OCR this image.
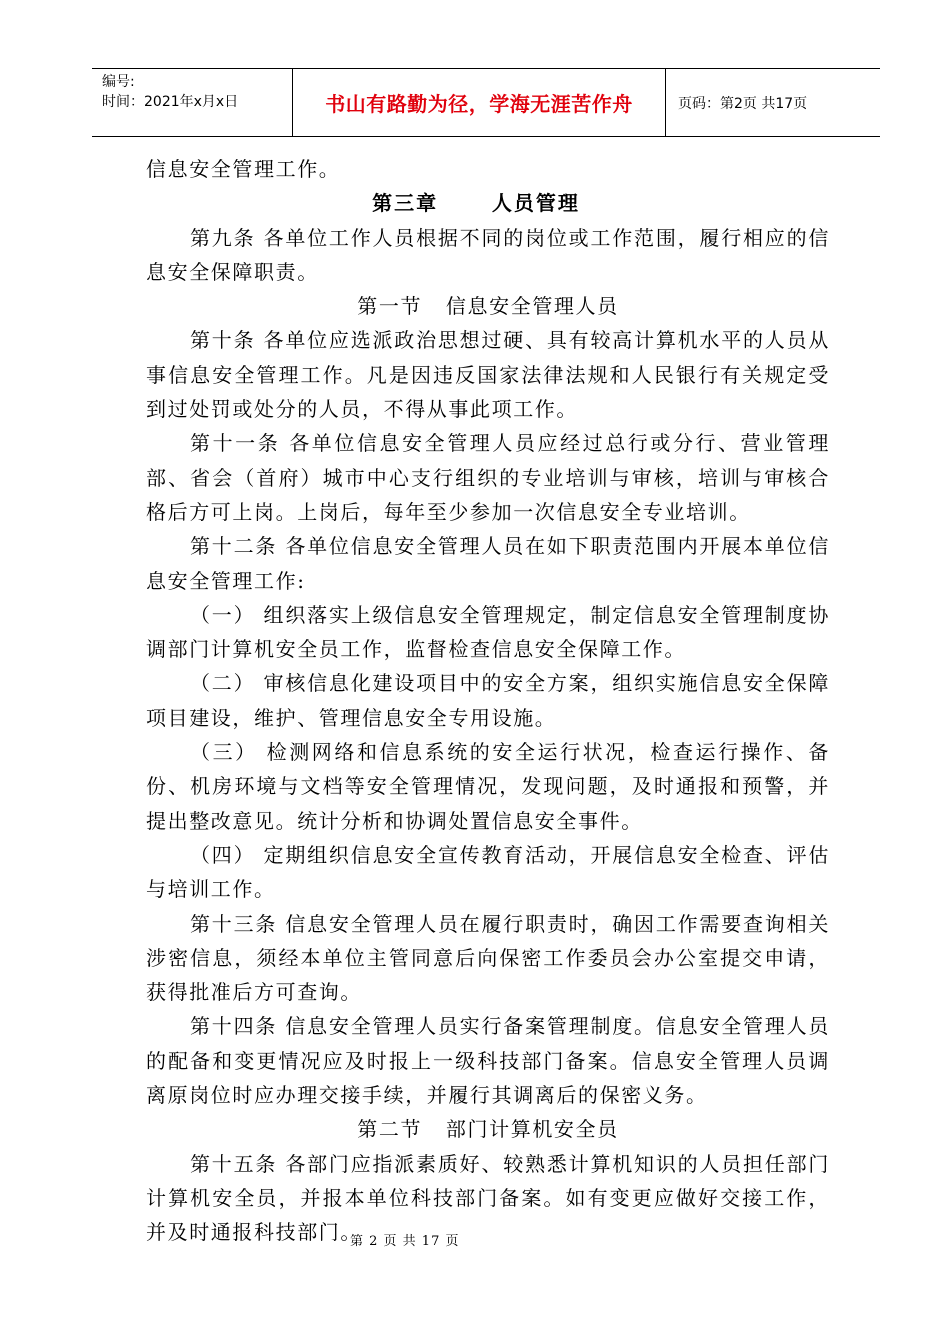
编号:
时间：2021年x月x日	书山有路勤为径，学海无涯苦作舟	页码：第2页 共17页

信息安全管理工作。

第三章      人员管理

第九条 各单位工作人员根据不同的岗位或工作范围，履行相应的信息安全保障职责。

第一节   信息安全管理人员

第十条 各单位应选派政治思想过硬、具有较高计算机水平的人员从事信息安全管理工作。凡是因违反国家法律法规和人民银行有关规定受到过处罚或处分的人员，不得从事此项工作。

第十一条 各单位信息安全管理人员应经过总行或分行、营业管理部、省会（首府）城市中心支行组织的专业培训与审核，培训与审核合格后方可上岗。上岗后，每年至少参加一次信息安全专业培训。

第十二条 各单位信息安全管理人员在如下职责范围内开展本单位信息安全管理工作:

（一） 组织落实上级信息安全管理规定，制定信息安全管理制度协调部门计算机安全员工作，监督检查信息安全保障工作。

（二） 审核信息化建设项目中的安全方案，组织实施信息安全保障项目建设，维护、管理信息安全专用设施。

（三） 检测网络和信息系统的安全运行状况，检查运行操作、备份、机房环境与文档等安全管理情况，发现问题，及时通报和预警，并提出整改意见。统计分析和协调处置信息安全事件。

（四） 定期组织信息安全宣传教育活动，开展信息安全检查、评估与培训工作。

第十三条 信息安全管理人员在履行职责时，确因工作需要查询相关涉密信息，须经本单位主管同意后向保密工作委员会办公室提交申请，获得批准后方可查询。

第十四条 信息安全管理人员实行备案管理制度。信息安全管理人员的配备和变更情况应及时报上一级科技部门备案。信息安全管理人员调离原岗位时应办理交接手续，并履行其调离后的保密义务。

第二节   部门计算机安全员

第十五条 各部门应指派素质好、较熟悉计算机知识的人员担任部门计算机安全员，并报本单位科技部门备案。如有变更应做好交接工作，并及时通报科技部门。

第 2 页 共 17 页
